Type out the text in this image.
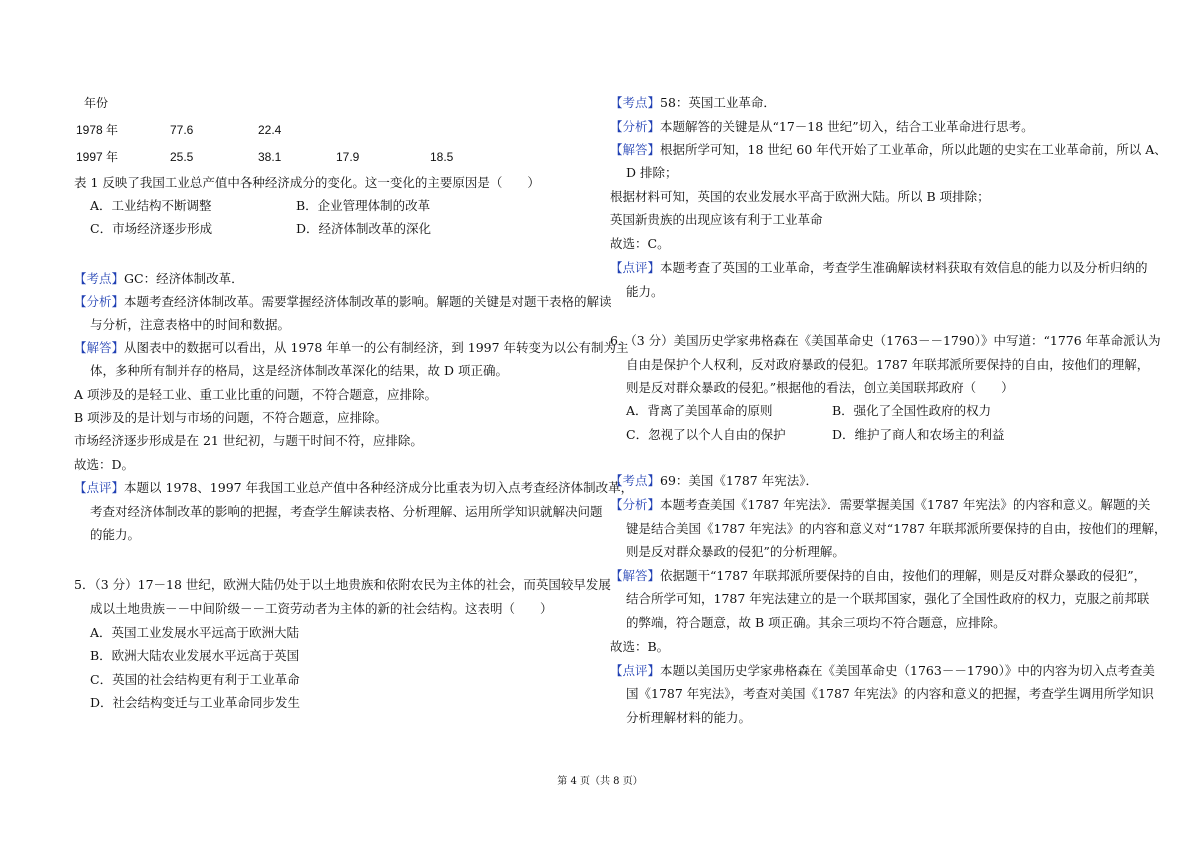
年份
1978 年	77.6	22.4
1997 年	25.5	38.1	17.9	18.5
表 1 反映了我国工业总产值中各种经济成分的变化。这一变化的主要原因是（　　）
A．工业结构不断调整	B．企业管理体制的改革
C．市场经济逐步形成	D．经济体制改革的深化
【考点】GC：经济体制改革．
【分析】本题考查经济体制改革。需要掌握经济体制改革的影响。解题的关键是对题干表格的解读
与分析，注意表格中的时间和数据。
【解答】从图表中的数据可以看出，从 1978 年单一的公有制经济，到 1997 年转变为以公有制为主
体，多种所有制并存的格局，这是经济体制改革深化的结果，故 D 项正确。
A 项涉及的是轻工业、重工业比重的问题，不符合题意，应排除。
B 项涉及的是计划与市场的问题，不符合题意，应排除。
市场经济逐步形成是在 21 世纪初，与题干时间不符，应排除。
故选：D。
【点评】本题以 1978、1997 年我国工业总产值中各种经济成分比重表为切入点考查经济体制改革，
考查对经济体制改革的影响的把握，考查学生解读表格、分析理解、运用所学知识就解决问题
的能力。
5．（3 分）17－18 世纪，欧洲大陆仍处于以土地贵族和依附农民为主体的社会，而英国较早发展
成以土地贵族－－中间阶级－－工资劳动者为主体的新的社会结构。这表明（　　）
A．英国工业发展水平远高于欧洲大陆
B．欧洲大陆农业发展水平远高于英国
C．英国的社会结构更有利于工业革命
D．社会结构变迁与工业革命同步发生
【考点】58：英国工业革命．
【分析】本题解答的关键是从“17－18 世纪”切入，结合工业革命进行思考。
【解答】根据所学可知，18 世纪 60 年代开始了工业革命，所以此题的史实在工业革命前，所以 A、
D 排除；
根据材料可知，英国的农业发展水平高于欧洲大陆。所以 B 项排除；
英国新贵族的出现应该有利于工业革命
故选：C。
【点评】本题考查了英国的工业革命，考查学生准确解读材料获取有效信息的能力以及分析归纳的
能力。
6．（3 分）美国历史学家弗格森在《美国革命史（1763－－1790）》中写道：“1776 年革命派认为
自由是保护个人权利，反对政府暴政的侵犯。1787 年联邦派所要保持的自由，按他们的理解，
则是反对群众暴政的侵犯。”根据他的看法，创立美国联邦政府（　　）
A．背离了美国革命的原则	B．强化了全国性政府的权力
C．忽视了以个人自由的保护	D．维护了商人和农场主的利益
【考点】69：美国《1787 年宪法》．
【分析】本题考查美国《1787 年宪法》．需要掌握美国《1787 年宪法》的内容和意义。解题的关
键是结合美国《1787 年宪法》的内容和意义对“1787 年联邦派所要保持的自由，按他们的理解，
则是反对群众暴政的侵犯”的分析理解。
【解答】依据题干“1787 年联邦派所要保持的自由，按他们的理解，则是反对群众暴政的侵犯”，
结合所学可知，1787 年宪法建立的是一个联邦国家，强化了全国性政府的权力，克服之前邦联
的弊端，符合题意，故 B 项正确。其余三项均不符合题意，应排除。
故选：B。
【点评】本题以美国历史学家弗格森在《美国革命史（1763－－1790）》中的内容为切入点考查美
国《1787 年宪法》，考查对美国《1787 年宪法》的内容和意义的把握，考查学生调用所学知识
分析理解材料的能力。
第 4 页（共 8 页）
